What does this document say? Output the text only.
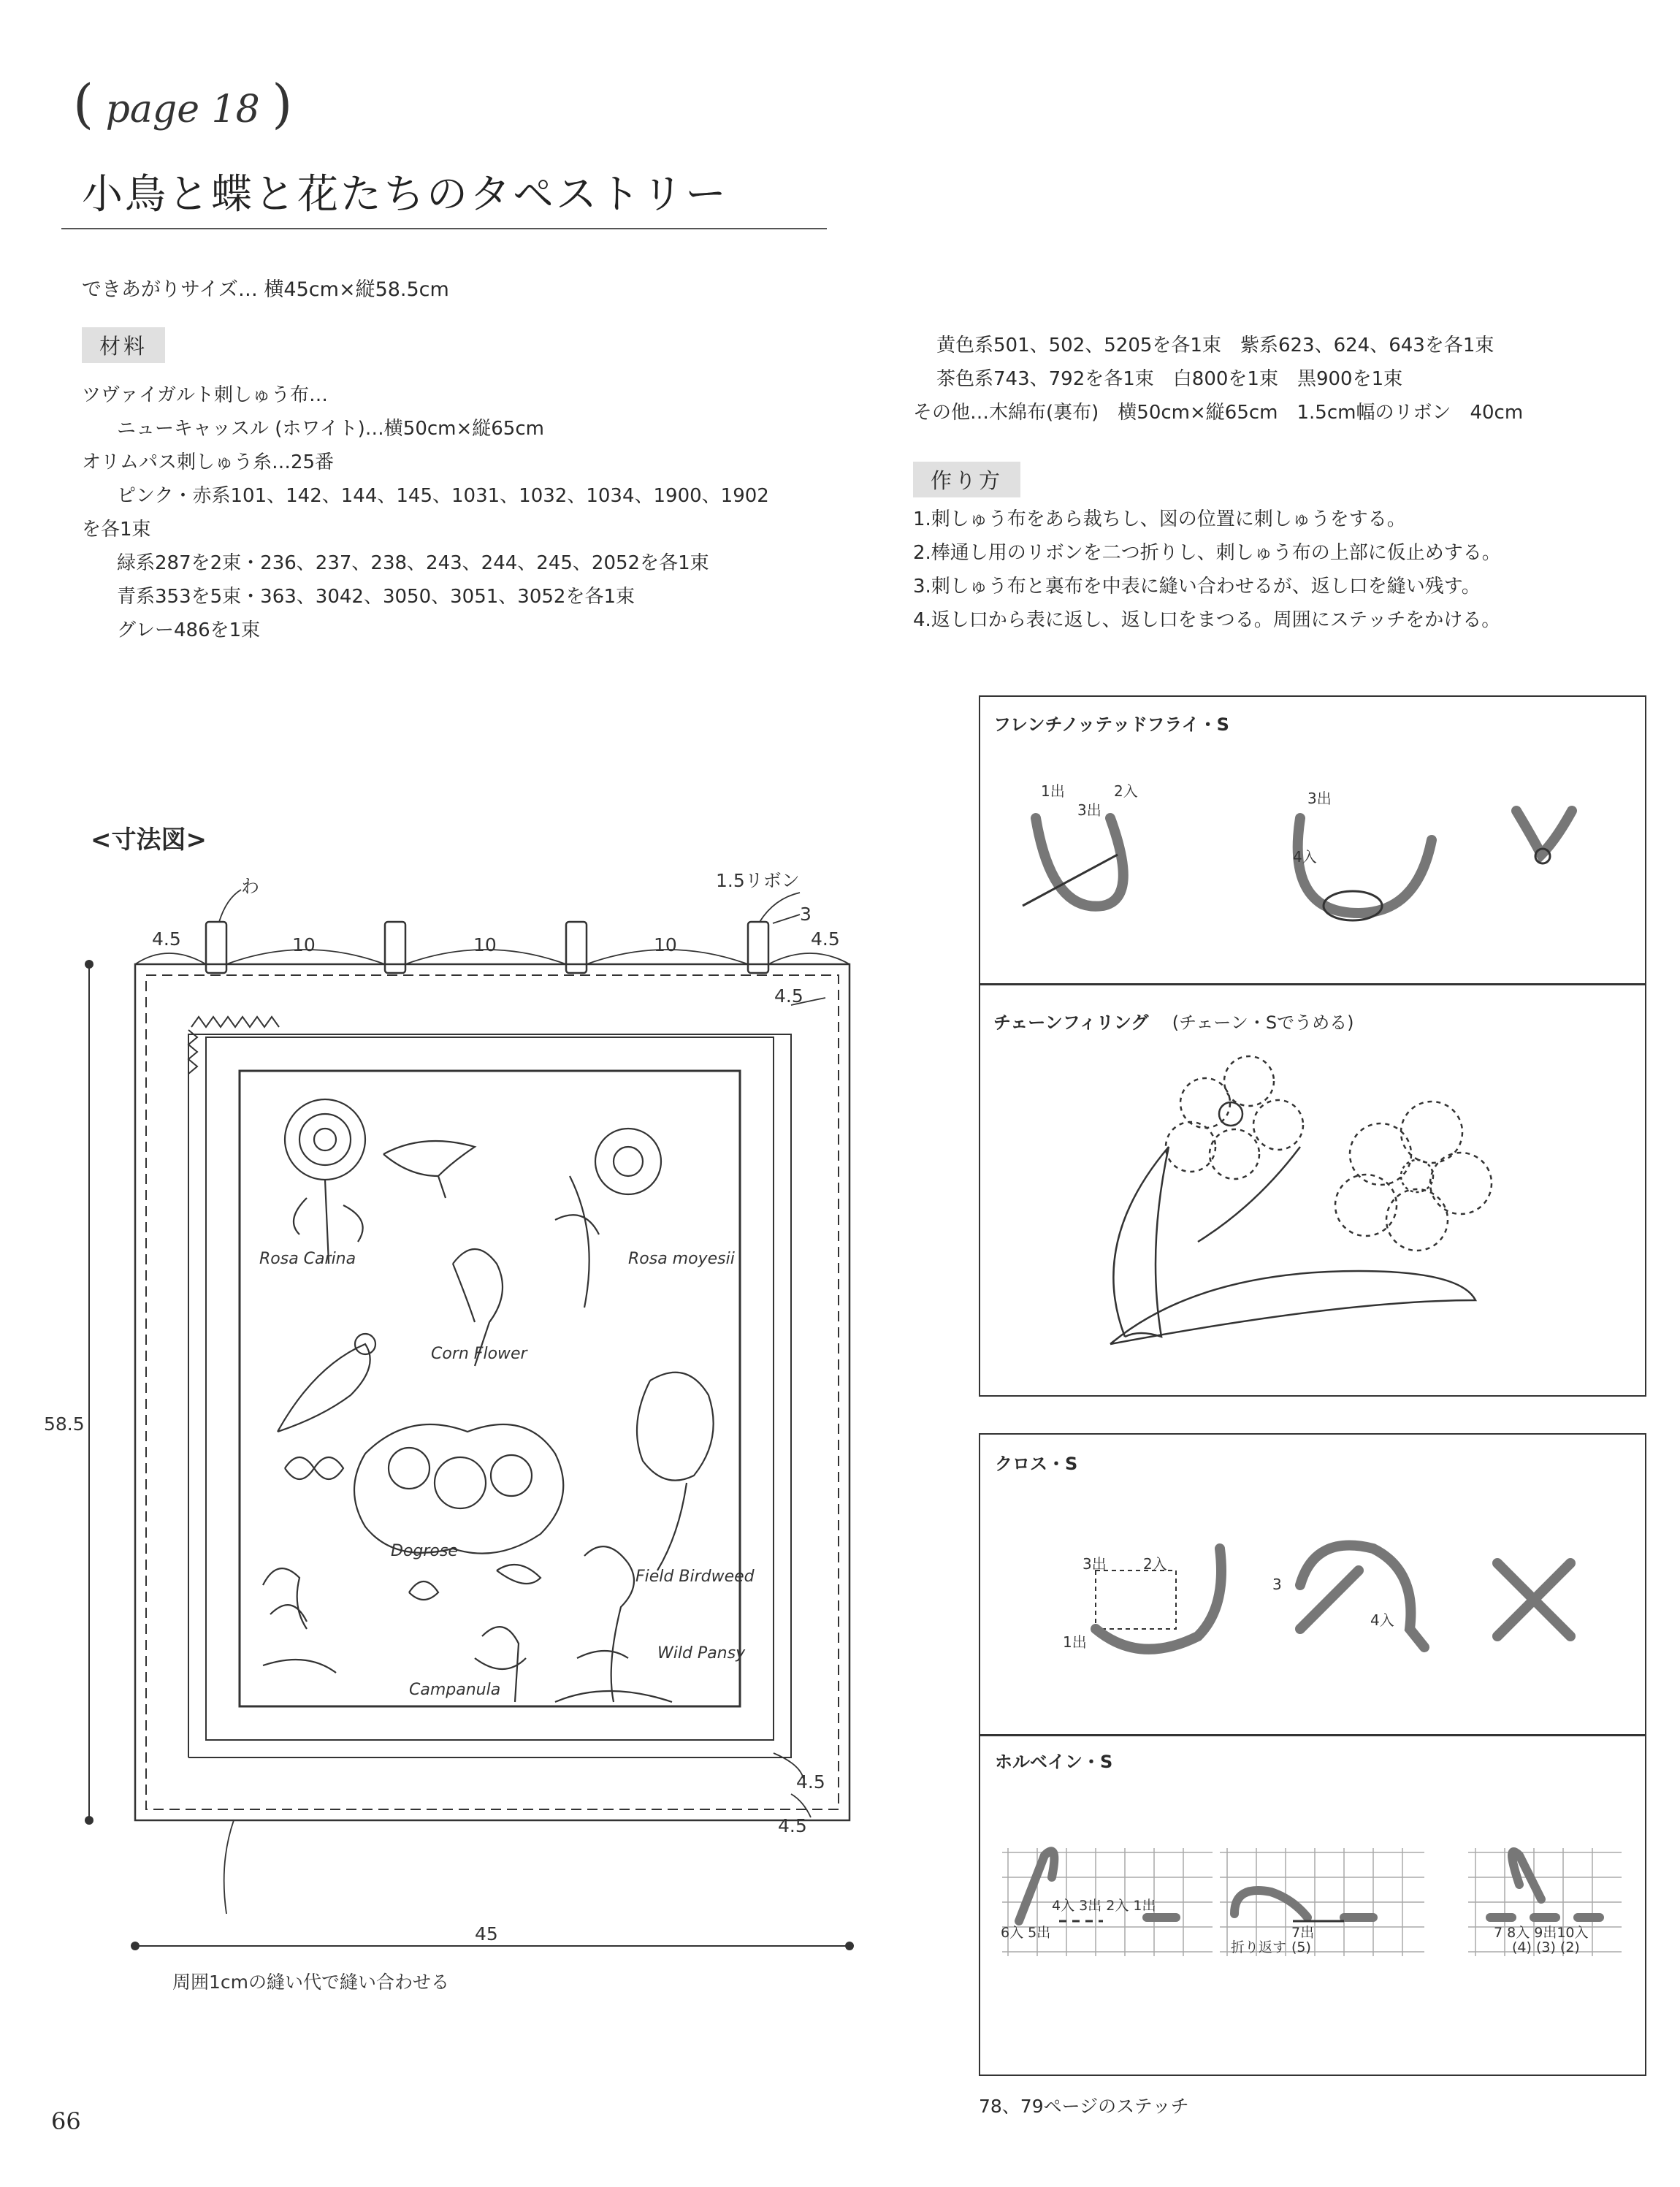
( page 18 )
小鳥と蝶と花たちのタペストリー
できあがりサイズ… 横45cm×縦58.5cm
材料
ツヴァイガルト刺しゅう布…
ニューキャッスル (ホワイト)…横50cm×縦65cm
オリムパス刺しゅう糸…25番
ピンク・赤系101、142、144、145、1031、1032、1034、1900、1902
を各1束
緑系287を2束・236、237、238、243、244、245、2052を各1束
青系353を5束・363、3042、3050、3051、3052を各1束
グレー486を1束
黄色系501、502、5205を各1束　紫系623、624、643を各1束
茶色系743、792を各1束　白800を1束　黒900を1束
その他…木綿布(裏布)　横50cm×縦65cm　1.5cm幅のリボン　40cm
作り方
1.刺しゅう布をあら裁ちし、図の位置に刺しゅうをする。
2.棒通し用のリボンを二つ折りし、刺しゅう布の上部に仮止めする。
3.刺しゅう布と裏布を中表に縫い合わせるが、返し口を縫い残す。
4.返し口から表に返し、返し口をまつる。周囲にステッチをかける。
<寸法図>
Rosa Carina	Rosa moyesii
Corn Flower
Dogrose
Field Birdweed
Wild Pansy
Campanula
わ	1.5リボン
4.5	10	10	10
3
4.5
4.5
58.5
45
4.5
4.5
周囲1cmの縫い代で縫い合わせる
フレンチノッテッドフライ・S
1出	2入
3出
3出
4入
チェーンフィリング (チェーン・Sでうめる)
クロス・S
3出	2入
1出
3
4入
ホルベイン・S
4入 3出 2入 1出
6入 5出	7出
折り返す (5)
7 8入 9出10入
(4) (3) (2)
78、79ページのステッチ
66
